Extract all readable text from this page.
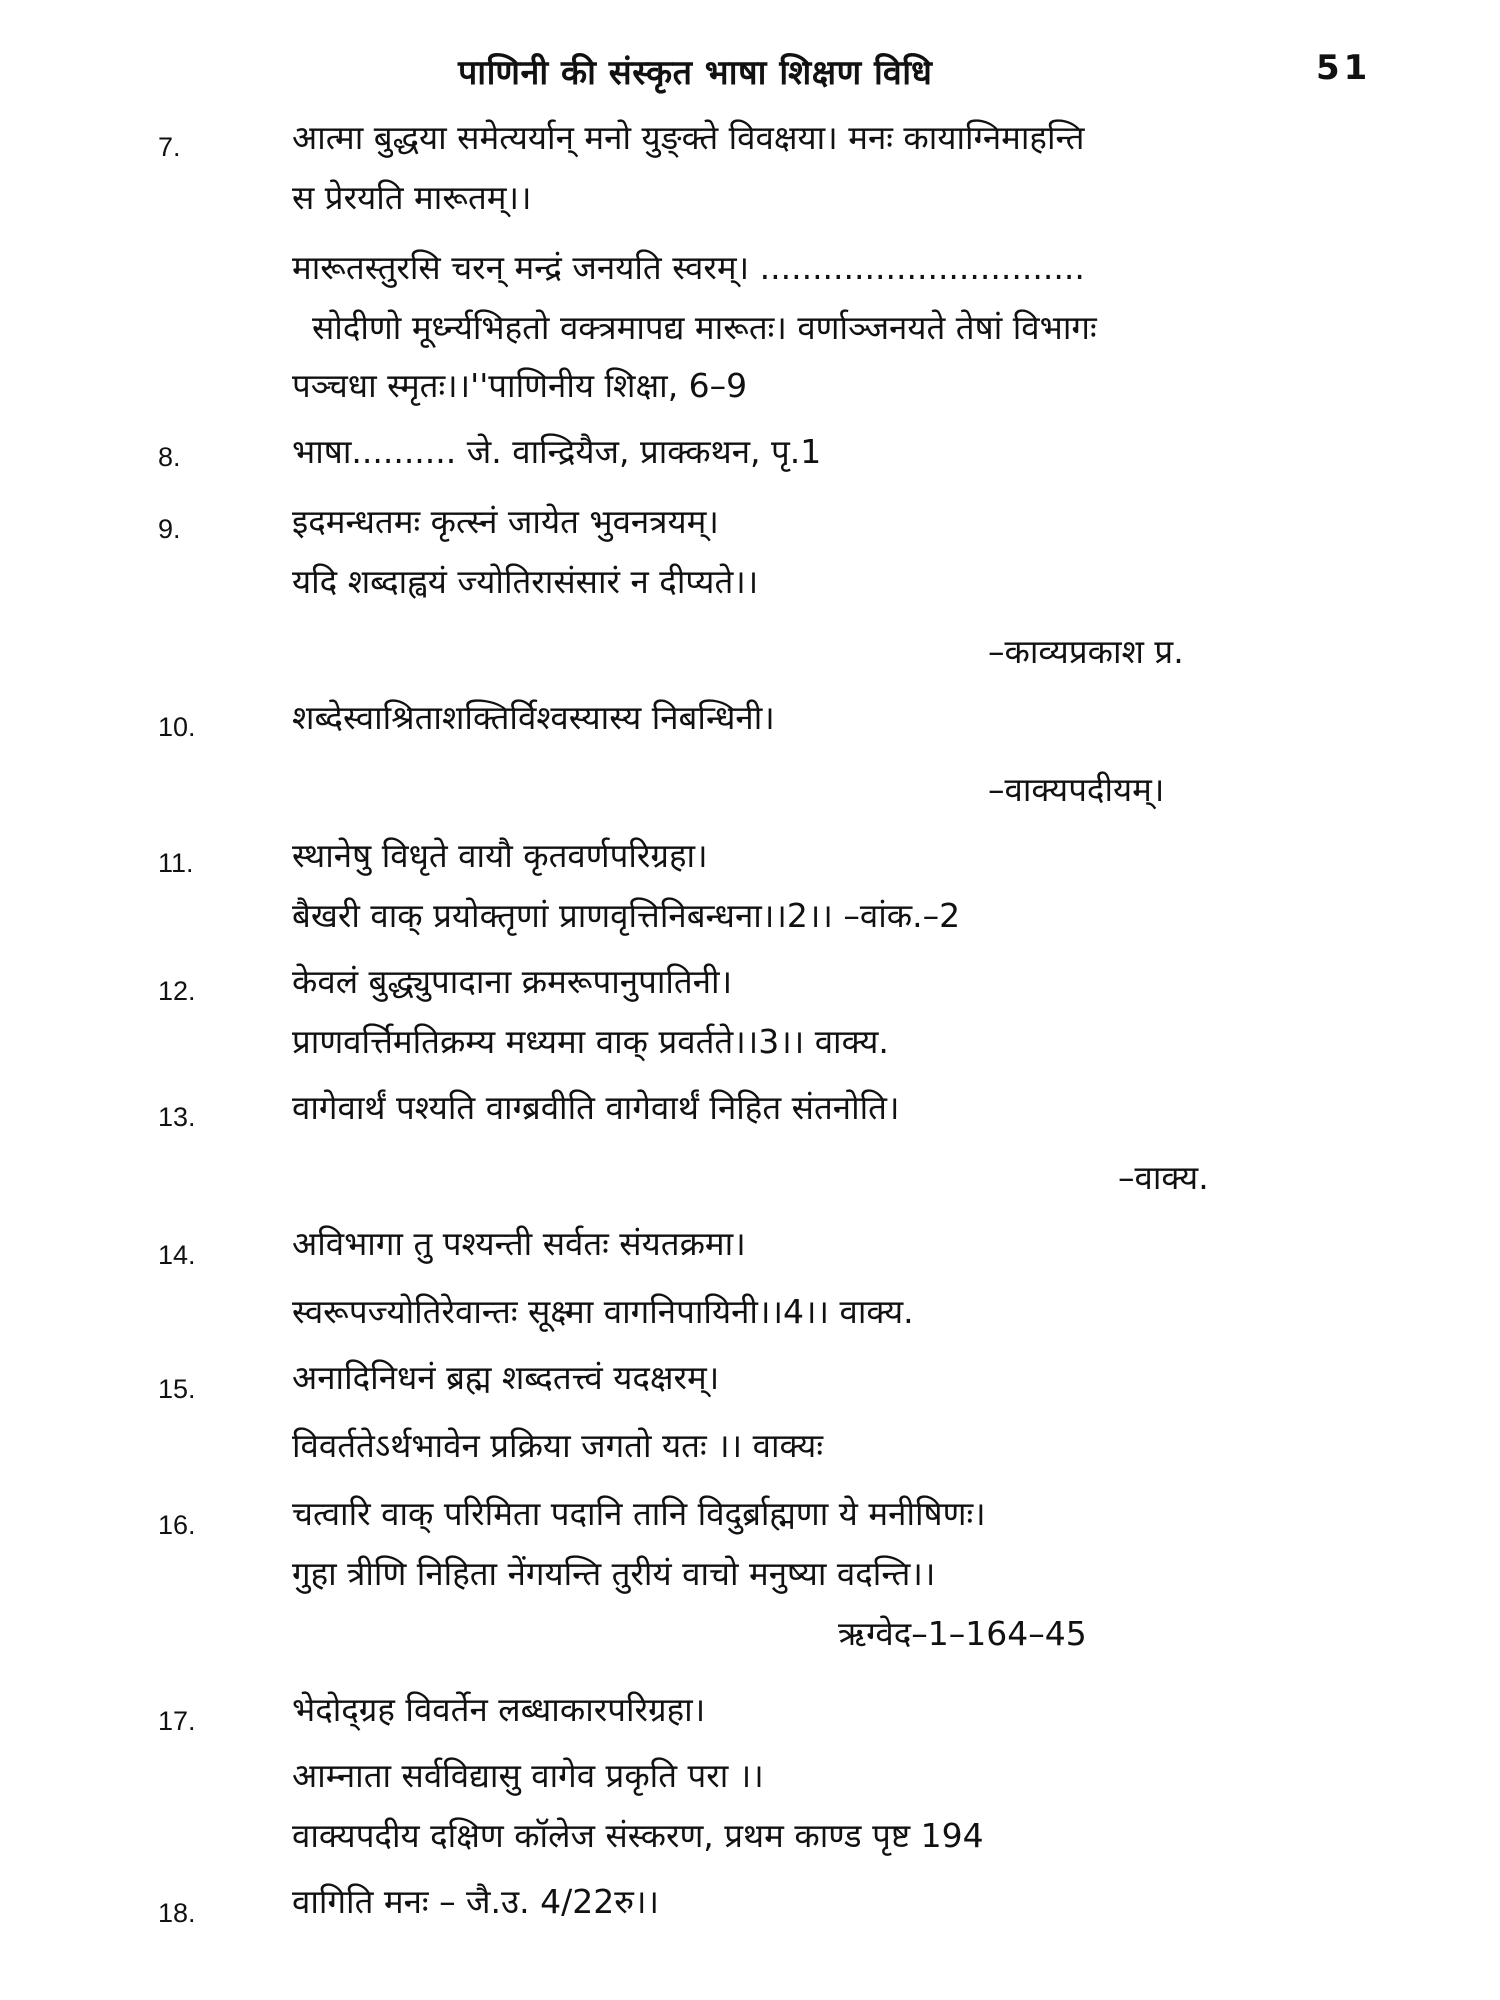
पाणिनी की संस्कृत भाषा शिक्षण विधि	51
7.	आत्मा बुद्धया समेत्यर्यान् मनो युङ्क्ते विवक्षया। मनः कायाग्निमाहन्ति
स प्रेरयति मारूतम्।।
मारूतस्तुरसि चरन् मन्द्रं जनयति स्वरम्। ...............................
सोदीणो मूर्ध्न्यभिहतो वक्त्रमापद्य मारूतः। वर्णाञ्जनयते तेषां विभागः
पञ्चधा स्मृतः।।''पाणिनीय शिक्षा, 6–9
8.	भाषा.......... जे. वान्द्रियैज, प्राक्कथन, पृ.1
9.	इदमन्धतमः कृत्स्नं जायेत भुवनत्रयम्।
यदि शब्दाह्वयं ज्योतिरासंसारं न दीप्यते।।
–काव्यप्रकाश प्र.
10.	शब्देस्वाश्रिताशक्तिर्विश्वस्यास्य निबन्धिनी।
–वाक्यपदीयम्।
11.	स्थानेषु विधृते वायौ कृतवर्णपरिग्रहा।
बैखरी वाक् प्रयोक्तृणां प्राणवृत्तिनिबन्धना।।2।। –वांक.–2
12.	केवलं बुद्ध्युपादाना क्रमरूपानुपातिनी।
प्राणवर्त्तिमतिक्रम्य मध्यमा वाक् प्रवर्तते।।3।। वाक्य.
13.	वागेवार्थं पश्यति वाग्ब्रवीति वागेवार्थं निहित संतनोति।
–वाक्य.
14.	अविभागा तु पश्यन्ती सर्वतः संयतक्रमा।
स्वरूपज्योतिरेवान्तः सूक्ष्मा वागनिपायिनी।।4।। वाक्य.
15.	अनादिनिधनं ब्रह्म शब्दतत्त्वं यदक्षरम्।
विवर्ततेऽर्थभावेन प्रक्रिया जगतो यतः ।। वाक्यः
16.	चत्वारि वाक् परिमिता पदानि तानि विदुर्ब्राह्मणा ये मनीषिणः।
गुहा त्रीणि निहिता नेंगयन्ति तुरीयं वाचो मनुष्या वदन्ति।।
ऋग्वेद–1–164–45
17.	भेदोद्ग्रह विवर्तेन लब्धाकारपरिग्रहा।
आम्नाता सर्वविद्यासु वागेव प्रकृति परा ।।
वाक्यपदीय दक्षिण कॉलेज संस्करण, प्रथम काण्ड पृष्ट 194
18.	वागिति मनः – जै.उ. 4/22रु।।
